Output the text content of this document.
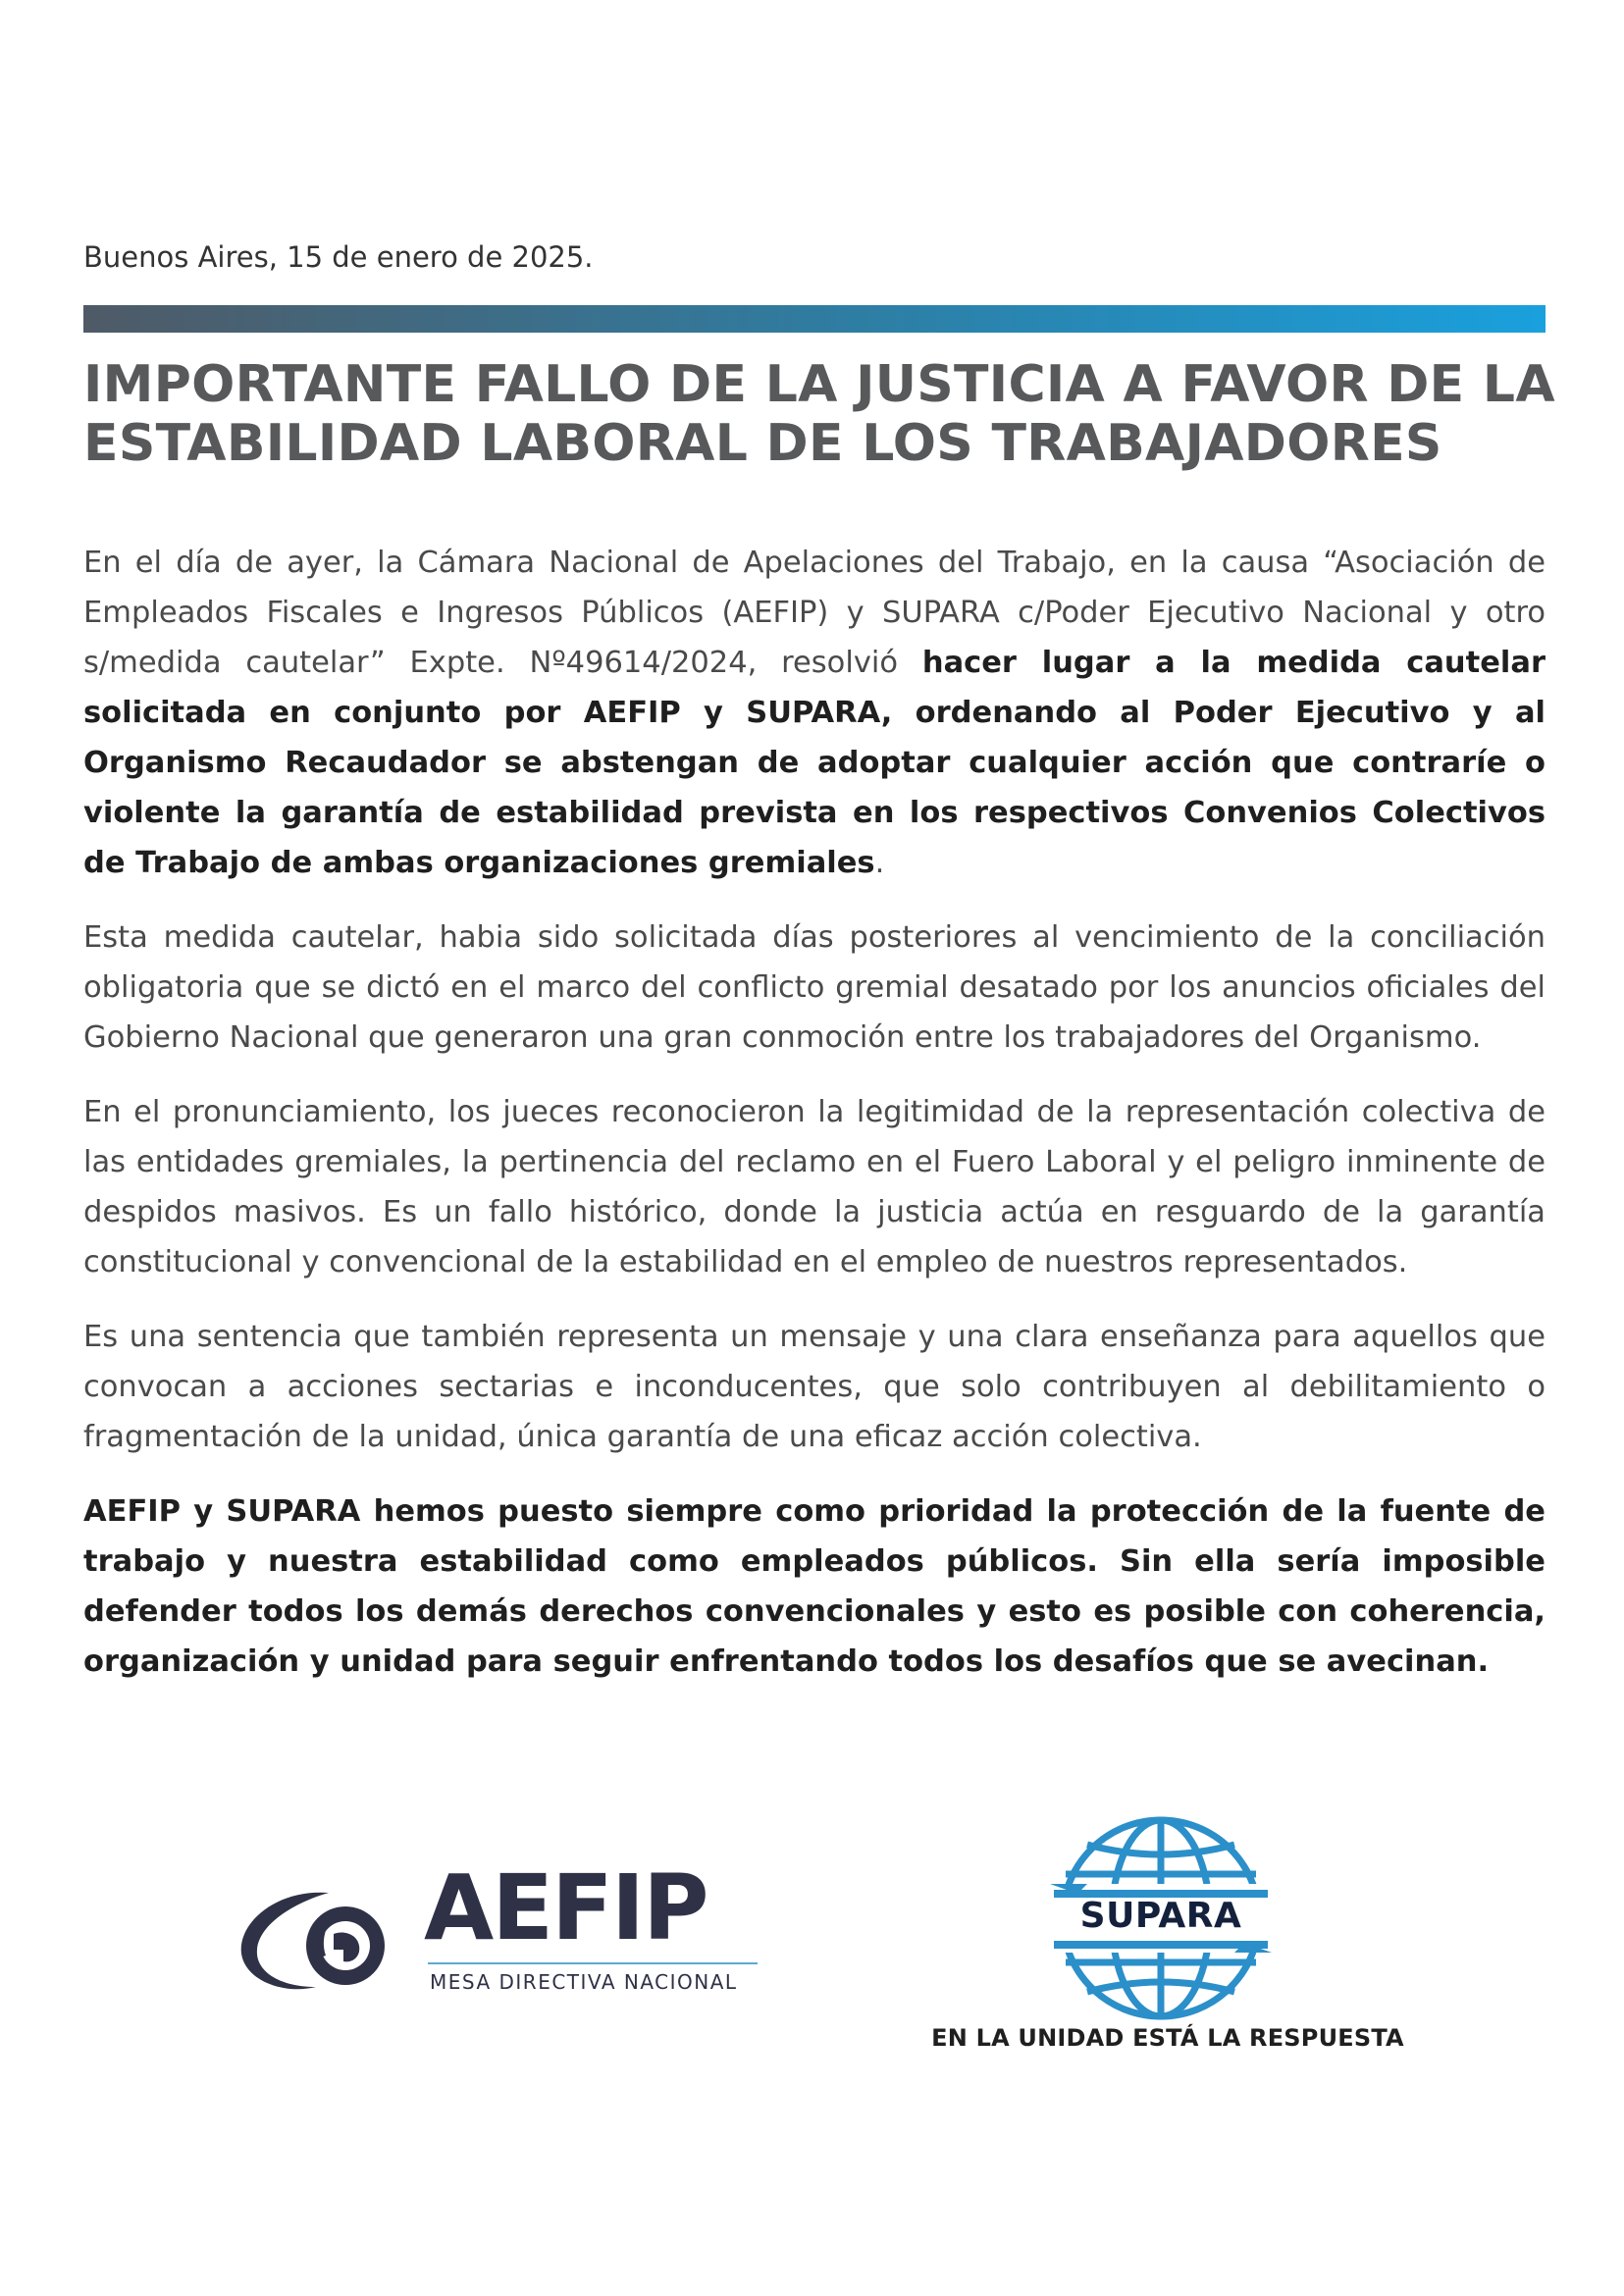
Buenos Aires, 15 de enero de 2025.
IMPORTANTE FALLO DE LA JUSTICIA A FAVOR DE LA
ESTABILIDAD LABORAL DE LOS TRABAJADORES

En el día de ayer, la Cámara Nacional de Apelaciones del Trabajo, en la causa “Asociación de Empleados Fiscales e Ingresos Públicos (AEFIP) y SUPARA c/Poder Ejecutivo Nacional y otro s/medida cautelar” Expte. Nº49614/2024, resolvió hacer lugar a la medida cautelar solicitada en conjunto por AEFIP y SUPARA, ordenando al Poder Ejecutivo y al Organismo Recaudador se abstengan de adoptar cualquier acción que contraríe o violente la garantía de estabilidad prevista en los respectivos Convenios Colectivos de Trabajo de ambas organizaciones gremiales.

Esta medida cautelar, habia sido solicitada días posteriores al vencimiento de la conciliación obligatoria que se dictó en el marco del conflicto gremial desatado por los anuncios oficiales del Gobierno Nacional que generaron una gran conmoción entre los trabajadores del Organismo.

En el pronunciamiento, los jueces reconocieron la legitimidad de la representación colectiva de las entidades gremiales, la pertinencia del reclamo en el Fuero Laboral y el peligro inminente de despidos masivos. Es un fallo histórico, donde la justicia actúa en resguardo de la garantía constitucional y convencional de la estabilidad en el empleo de nuestros representados.

Es una sentencia que también representa un mensaje y una clara enseñanza para aquellos que convocan a acciones sectarias e inconducentes, que solo contribuyen al debilitamiento o fragmentación de la unidad, única garantía de una eficaz acción colectiva.

AEFIP y SUPARA hemos puesto siempre como prioridad la protección de la fuente de trabajo y nuestra estabilidad como empleados públicos. Sin ella sería imposible defender todos los demás derechos convencionales y esto es posible con coherencia, organización y unidad para seguir enfrentando todos los desafíos que se avecinan.

AEFIP
MESA DIRECTIVA NACIONAL
SUPARA
EN LA UNIDAD ESTÁ LA RESPUESTA
